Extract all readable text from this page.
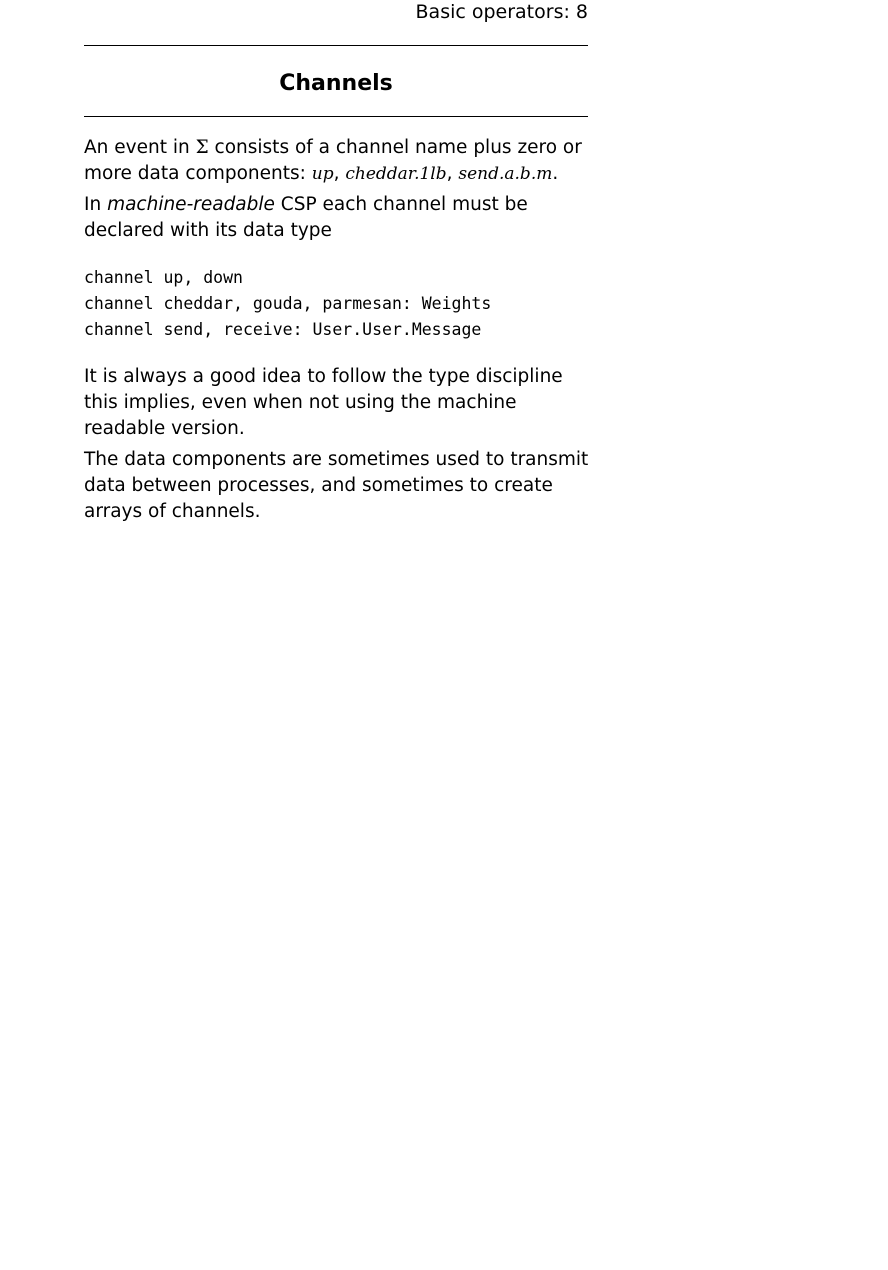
Basic operators: 8
Channels

An event in Σ consists of a channel name plus zero or more data components: up, cheddar.1lb, send.a.b.m.

In machine-readable CSP each channel must be declared with its data type

channel up, down
channel cheddar, gouda, parmesan: Weights
channel send, receive: User.User.Message

It is always a good idea to follow the type discipline this implies, even when not using the machine readable version.

The data components are sometimes used to transmit data between processes, and sometimes to create arrays of channels.
